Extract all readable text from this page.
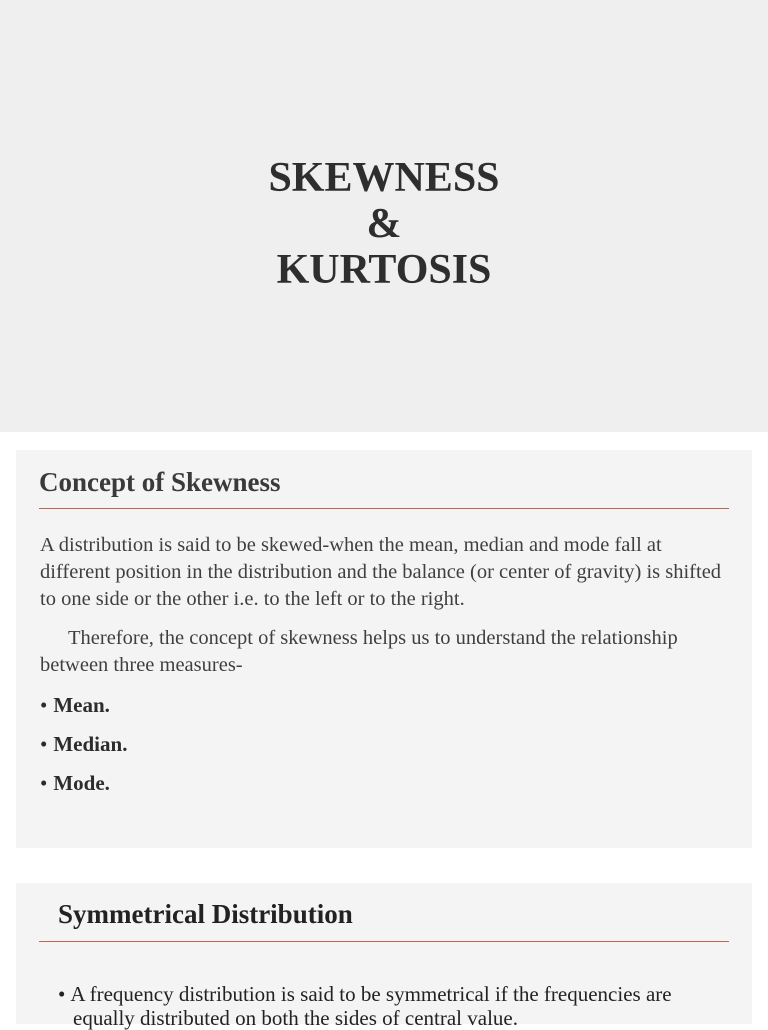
SKEWNESS
&
KURTOSIS
Concept of Skewness
A distribution is said to be skewed-when the mean, median and mode fall at different position in the distribution and the balance (or center of gravity) is shifted to one side or the other i.e. to the left or to the right.
Therefore, the concept of skewness helps us to understand the relationship between three measures-
• Mean.
• Median.
• Mode.
Symmetrical Distribution
• A frequency distribution is said to be symmetrical if the frequencies are equally distributed on both the sides of central value.
